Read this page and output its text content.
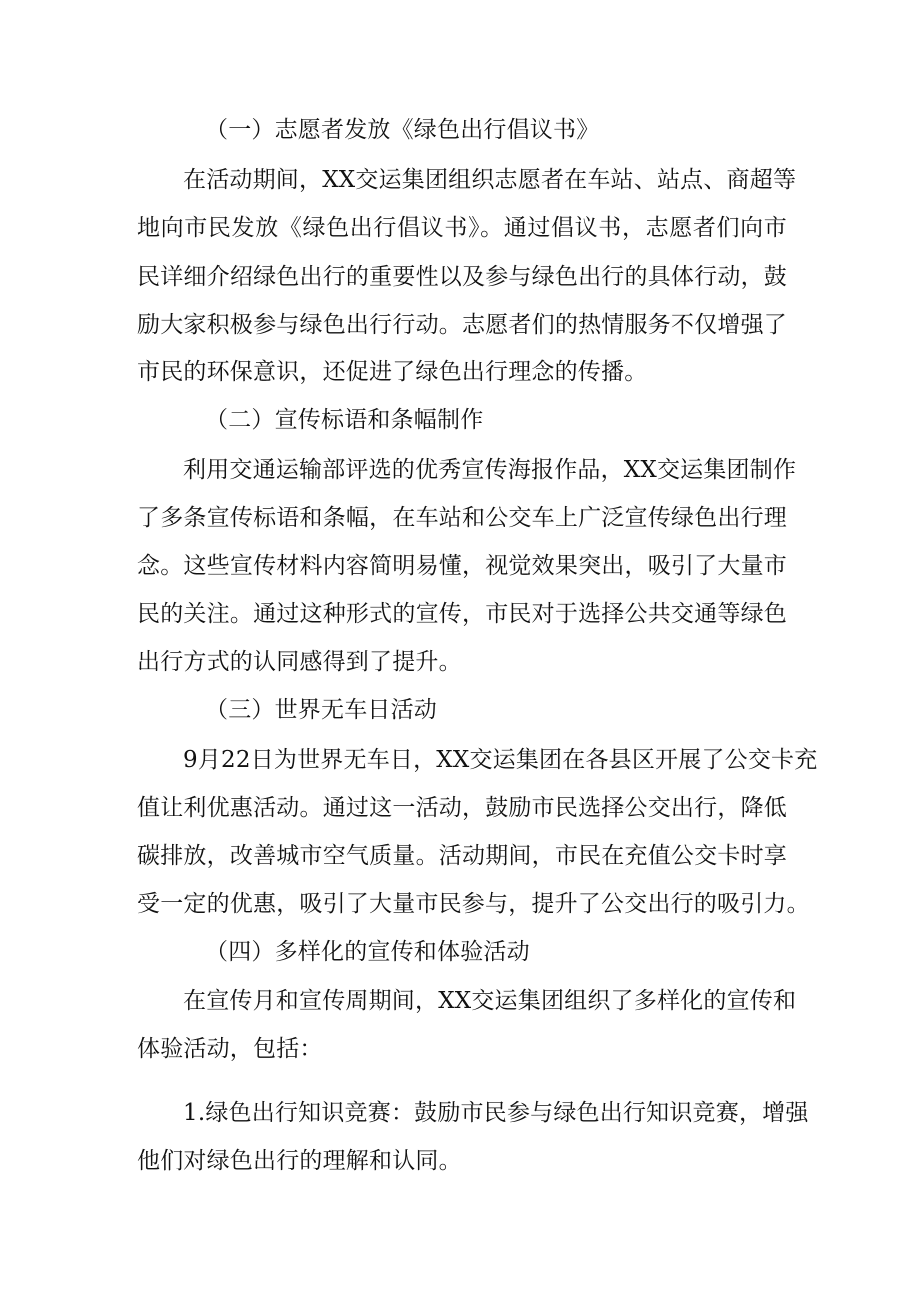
（一）志愿者发放《绿色出行倡议书》
在活动期间，XX交运集团组织志愿者在车站、站点、商超等
地向市民发放《绿色出行倡议书》。通过倡议书，志愿者们向市
民详细介绍绿色出行的重要性以及参与绿色出行的具体行动，鼓
励大家积极参与绿色出行行动。志愿者们的热情服务不仅增强了
市民的环保意识，还促进了绿色出行理念的传播。
（二）宣传标语和条幅制作
利用交通运输部评选的优秀宣传海报作品，XX交运集团制作
了多条宣传标语和条幅，在车站和公交车上广泛宣传绿色出行理
念。这些宣传材料内容简明易懂，视觉效果突出，吸引了大量市
民的关注。通过这种形式的宣传，市民对于选择公共交通等绿色
出行方式的认同感得到了提升。
（三）世界无车日活动
9月22日为世界无车日，XX交运集团在各县区开展了公交卡充
值让利优惠活动。通过这一活动，鼓励市民选择公交出行，降低
碳排放，改善城市空气质量。活动期间，市民在充值公交卡时享
受一定的优惠，吸引了大量市民参与，提升了公交出行的吸引力。
（四）多样化的宣传和体验活动
在宣传月和宣传周期间，XX交运集团组织了多样化的宣传和
体验活动，包括：
1.绿色出行知识竞赛：鼓励市民参与绿色出行知识竞赛，增强
他们对绿色出行的理解和认同。
